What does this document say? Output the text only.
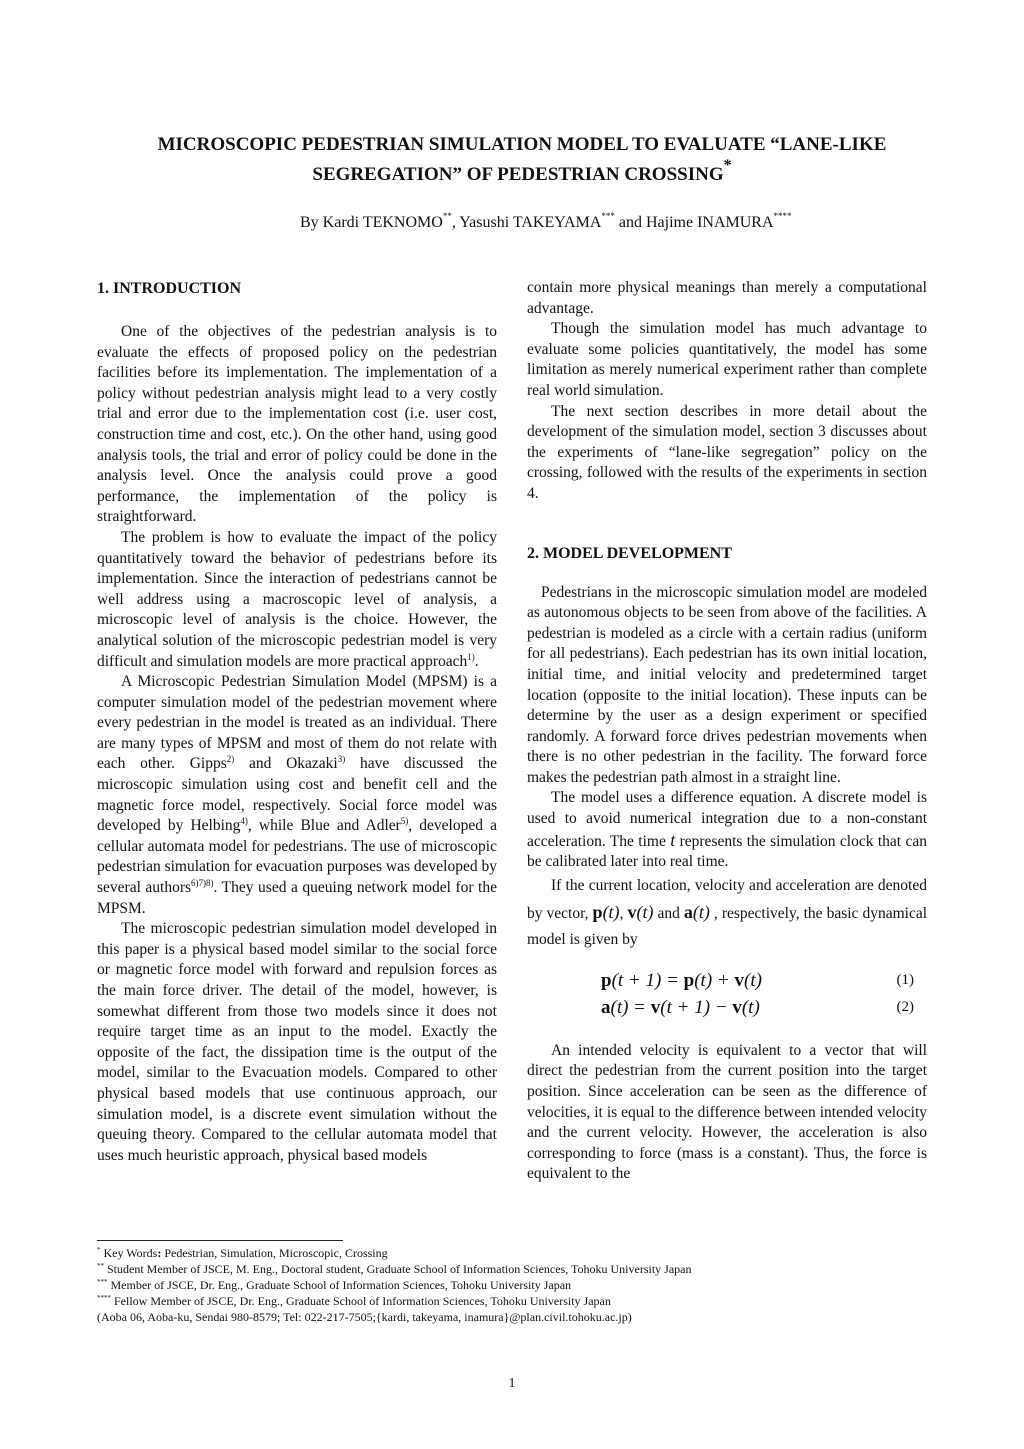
MICROSCOPIC PEDESTRIAN SIMULATION MODEL TO EVALUATE “LANE-LIKE
SEGREGATION” OF PEDESTRIAN CROSSING*

By Kardi TEKNOMO**, Yasushi TAKEYAMA*** and Hajime INAMURA****

1. INTRODUCTION

One of the objectives of the pedestrian analysis is to evaluate the effects of proposed policy on the pedestrian facilities before its implementation. The implementation of a policy without pedestrian analysis might lead to a very costly trial and error due to the implementation cost (i.e. user cost, construction time and cost, etc.). On the other hand, using good analysis tools, the trial and error of policy could be done in the analysis level. Once the analysis could prove a good performance, the implementation of the policy is straightforward.

The problem is how to evaluate the impact of the policy quantitatively toward the behavior of pedestrians before its implementation. Since the interaction of pedestrians cannot be well address using a macroscopic level of analysis, a microscopic level of analysis is the choice. However, the analytical solution of the microscopic pedestrian model is very difficult and simulation models are more practical approach$^{1)}$.

A Microscopic Pedestrian Simulation Model (MPSM) is a computer simulation model of the pedestrian movement where every pedestrian in the model is treated as an individual. There are many types of MPSM and most of them do not relate with each other. Gipps$^{2)}$ and Okazaki$^{3)}$ have discussed the microscopic simulation using cost and benefit cell and the magnetic force model, respectively. Social force model was developed by Helbing$^{4)}$, while Blue and Adler$^{5)}$, developed a cellular automata model for pedestrians. The use of microscopic pedestrian simulation for evacuation purposes was developed by several authors$^{6)7)8)}$. They used a queuing network model for the MPSM.

The microscopic pedestrian simulation model developed in this paper is a physical based model similar to the social force or magnetic force model with forward and repulsion forces as the main force driver. The detail of the model, however, is somewhat different from those two models since it does not require target time as an input to the model. Exactly the opposite of the fact, the dissipation time is the output of the model, similar to the Evacuation models. Compared to other physical based models that use continuous approach, our simulation model, is a discrete event simulation without the queuing theory. Compared to the cellular automata model that uses much heuristic approach, physical based models

contain more physical meanings than merely a computational advantage.

Though the simulation model has much advantage to evaluate some policies quantitatively, the model has some limitation as merely numerical experiment rather than complete real world simulation.

The next section describes in more detail about the development of the simulation model, section 3 discusses about the experiments of “lane-like segregation” policy on the crossing, followed with the results of the experiments in section 4.

2. MODEL DEVELOPMENT

Pedestrians in the microscopic simulation model are modeled as autonomous objects to be seen from above of the facilities. A pedestrian is modeled as a circle with a certain radius (uniform for all pedestrians). Each pedestrian has its own initial location, initial time, and initial velocity and predetermined target location (opposite to the initial location). These inputs can be determine by the user as a design experiment or specified randomly. A forward force drives pedestrian movements when there is no other pedestrian in the facility. The forward force makes the pedestrian path almost in a straight line.

The model uses a difference equation. A discrete model is used to avoid numerical integration due to a non-constant acceleration. The time t represents the simulation clock that can be calibrated later into real time.

If the current location, velocity and acceleration are denoted by vector, p(t), v(t) and a(t) , respectively, the basic dynamical model is given by

p(t + 1) = p(t) + v(t)	(1)
a(t) = v(t + 1) − v(t)	(2)

An intended velocity is equivalent to a vector that will direct the pedestrian from the current position into the target position. Since acceleration can be seen as the difference of velocities, it is equal to the difference between intended velocity and the current velocity. However, the acceleration is also corresponding to force (mass is a constant). Thus, the force is equivalent to the

* Key Words: Pedestrian, Simulation, Microscopic, Crossing
** Student Member of JSCE, M. Eng., Doctoral student, Graduate School of Information Sciences, Tohoku University Japan
*** Member of JSCE, Dr. Eng., Graduate School of Information Sciences, Tohoku University Japan
**** Fellow Member of JSCE, Dr. Eng., Graduate School of Information Sciences, Tohoku University Japan
(Aoba 06, Aoba-ku, Sendai 980-8579; Tel: 022-217-7505;{kardi, takeyama, inamura}@plan.civil.tohoku.ac.jp)
1
